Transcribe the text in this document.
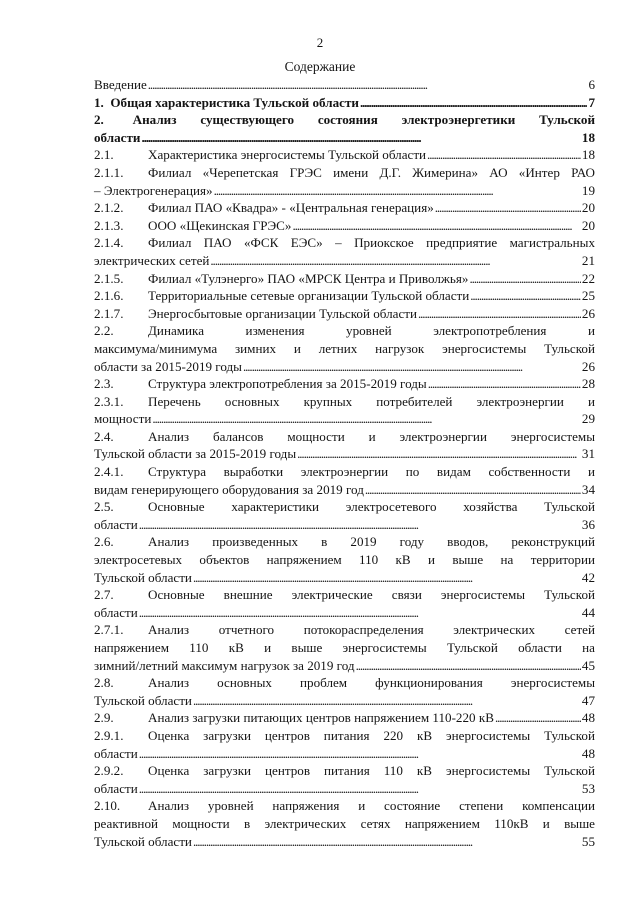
2
Содержание
Введение . . .	6
1. Общая характеристика Тульской области . . .	7
2. Анализ существующего состояния электроэнергетики Тульской
области . . .	18
2.1.	Характеристика энергосистемы Тульской области . . .	18
2.1.1. Филиал «Черепетская ГРЭС имени Д.Г. Жимерина» АО «Интер РАО
– Электрогенерация» . . .	19
2.1.2. Филиал ПАО «Квадра» - «Центральная генерация» . . .	20
2.1.3. ООО «Щекинская ГРЭС» . . .	20
2.1.4. Филиал ПАО «ФСК ЕЭС» – Приокское предприятие магистральных
электрических сетей . . .	21
2.1.5. Филиал «Тулэнерго» ПАО «МРСК Центра и Приволжья» . . .	22
2.1.6. Территориальные сетевые организации Тульской области . . .	25
2.1.7. Энергосбытовые организации Тульской области . . .	26
2.2.	Динамика изменения уровней электропотребления и
максимума/минимума зимних и летних нагрузок энергосистемы Тульской
области за 2015-2019 годы . . .	26
2.3.	Структура электропотребления за 2015-2019 годы . . .	28
2.3.1. Перечень основных крупных потребителей электроэнергии и
мощности . . .	29
2.4.	Анализ балансов мощности и электроэнергии энергосистемы
Тульской области за 2015-2019 годы . . .	31
2.4.1. Структура выработки электроэнергии по видам собственности и
видам генерирующего оборудования за 2019 год . . .	34
2.5.	Основные характеристики электросетевого хозяйства Тульской
области . . .	36
2.6.	Анализ произведенных в 2019 году вводов, реконструкций
электросетевых объектов напряжением 110 кВ и выше на территории
Тульской области . . .	42
2.7.	Основные внешние электрические связи энергосистемы Тульской
области . . .	44
2.7.1. Анализ отчетного потокораспределения электрических сетей
напряжением 110 кВ и выше энергосистемы Тульской области на
зимний/летний максимум нагрузок за 2019 год . . .	45
2.8.	Анализ основных проблем функционирования энергосистемы
Тульской области . . .	47
2.9.	Анализ загрузки питающих центров напряжением 110-220 кВ . . .	48
2.9.1. Оценка загрузки центров питания 220 кВ энергосистемы Тульской
области . . .	48
2.9.2. Оценка загрузки центров питания 110 кВ энергосистемы Тульской
области . . .	53
2.10. Анализ уровней напряжения и состояние степени компенсации
реактивной мощности в электрических сетях напряжением 110кВ и выше
Тульской области . . .	55
